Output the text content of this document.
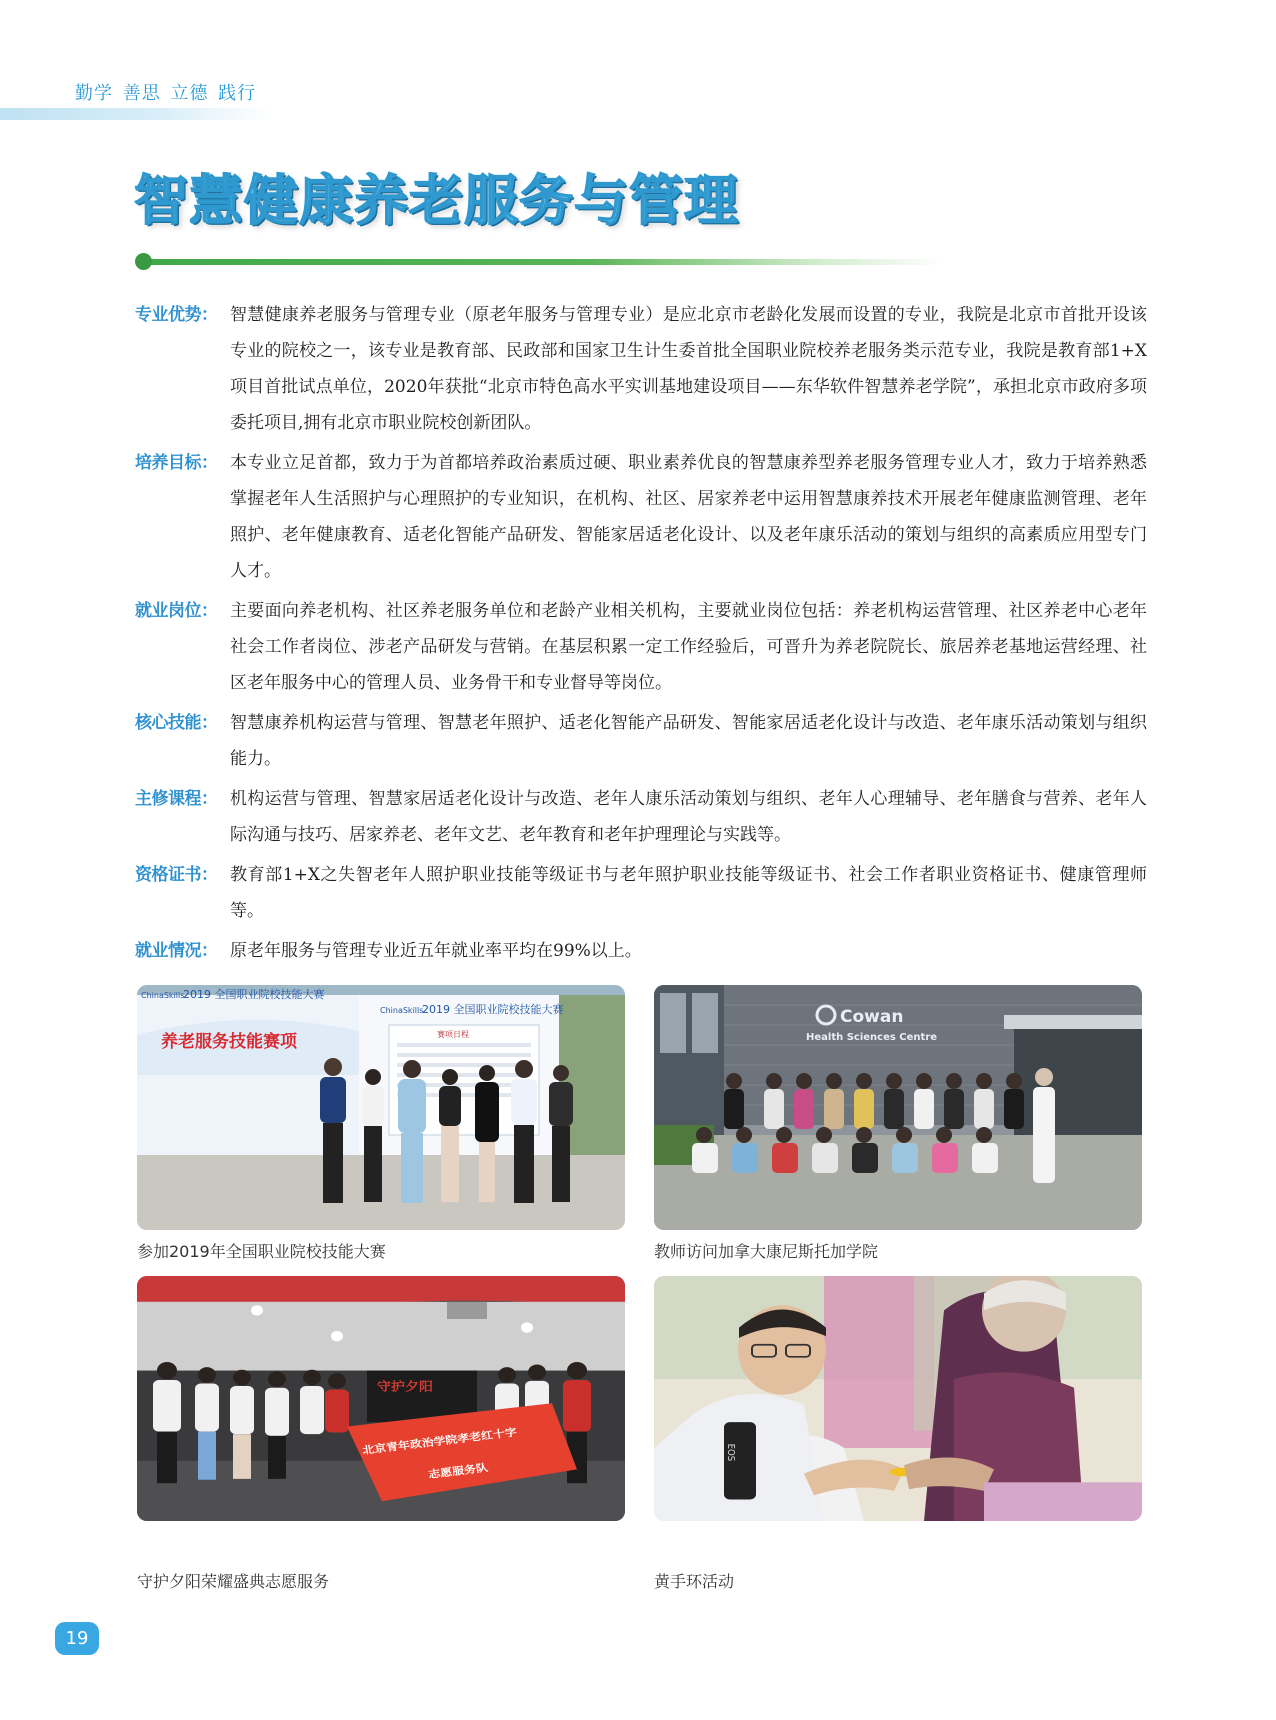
勤学 善思 立德 践行
智慧健康养老服务与管理
专业优势： 智慧健康养老服务与管理专业（原老年服务与管理专业）是应北京市老龄化发展而设置的专业，我院是北京市首批开设该专业的院校之一，该专业是教育部、民政部和国家卫生计生委首批全国职业院校养老服务类示范专业，我院是教育部1+X项目首批试点单位，2020年获批“北京市特色高水平实训基地建设项目——东华软件智慧养老学院”，承担北京市政府多项委托项目,拥有北京市职业院校创新团队。
培养目标： 本专业立足首都，致力于为首都培养政治素质过硬、职业素养优良的智慧康养型养老服务管理专业人才，致力于培养熟悉掌握老年人生活照护与心理照护的专业知识，在机构、社区、居家养老中运用智慧康养技术开展老年健康监测管理、老年照护、老年健康教育、适老化智能产品研发、智能家居适老化设计、以及老年康乐活动的策划与组织的高素质应用型专门人才。
就业岗位： 主要面向养老机构、社区养老服务单位和老龄产业相关机构，主要就业岗位包括：养老机构运营管理、社区养老中心老年社会工作者岗位、涉老产品研发与营销。在基层积累一定工作经验后，可晋升为养老院院长、旅居养老基地运营经理、社区老年服务中心的管理人员、业务骨干和专业督导等岗位。
核心技能： 智慧康养机构运营与管理、智慧老年照护、适老化智能产品研发、智能家居适老化设计与改造、老年康乐活动策划与组织能力。
主修课程： 机构运营与管理、智慧家居适老化设计与改造、老年人康乐活动策划与组织、老年人心理辅导、老年膳食与营养、老年人际沟通与技巧、居家养老、老年文艺、老年教育和老年护理理论与实践等。
资格证书： 教育部1+X之失智老年人照护职业技能等级证书与老年照护职业技能等级证书、社会工作者职业资格证书、健康管理师等。
就业情况： 原老年服务与管理专业近五年就业率平均在99%以上。
ChinaSkills
2019 全国职业院校技能大赛
ChinaSkills
2019 全国职业院校技能大赛
养老服务技能赛项	赛项日程
参加2019年全国职业院校技能大赛
Cowan
Health Sciences Centre
教师访问加拿大康尼斯托加学院
守护夕阳
北京青年政治学院孝老红十字
志愿服务队
守护夕阳荣耀盛典志愿服务
EOS
黄手环活动
19
